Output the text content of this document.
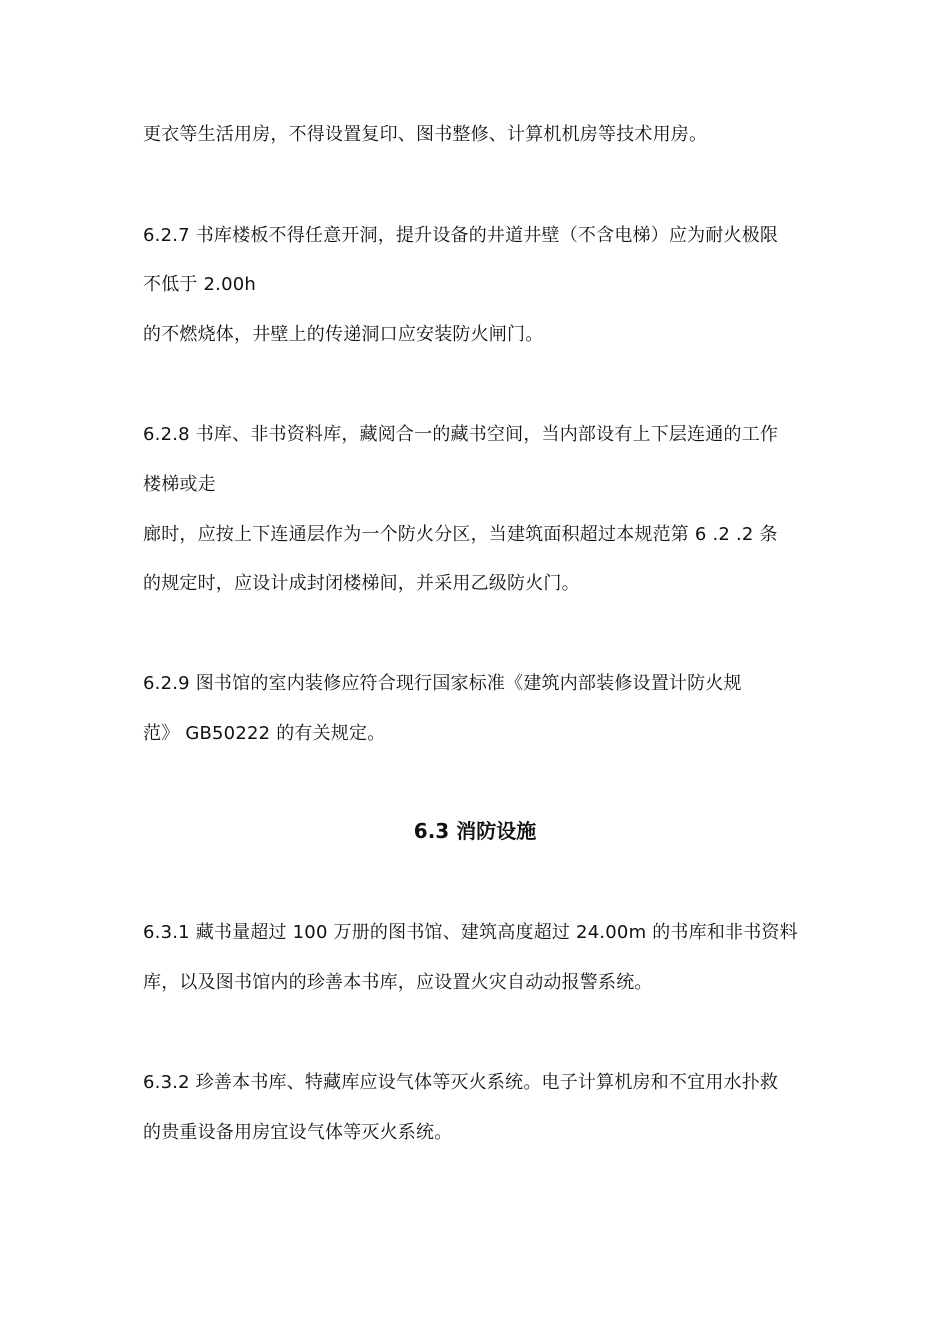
更衣等生活用房，不得设置复印、图书整修、计算机机房等技术用房。
6.2.7 书库楼板不得任意开洞，提升设备的井道井壁（不含电梯）应为耐火极限
不低于 2.00h
的不燃烧体，井壁上的传递洞口应安装防火闸门。
6.2.8 书库、非书资料库，藏阅合一的藏书空间，当内部设有上下层连通的工作
楼梯或走
廊时，应按上下连通层作为一个防火分区，当建筑面积超过本规范第 6 .2 .2 条
的规定时，应设计成封闭楼梯间，并采用乙级防火门。
6.2.9 图书馆的室内装修应符合现行国家标准《建筑内部装修设置计防火规
范》 GB50222 的有关规定。
6.3 消防设施
6.3.1 藏书量超过 100 万册的图书馆、建筑高度超过 24.00m 的书库和非书资料
库，以及图书馆内的珍善本书库，应设置火灾自动动报警系统。
6.3.2 珍善本书库、特藏库应设气体等灭火系统。电子计算机房和不宜用水扑救
的贵重设备用房宜设气体等灭火系统。
